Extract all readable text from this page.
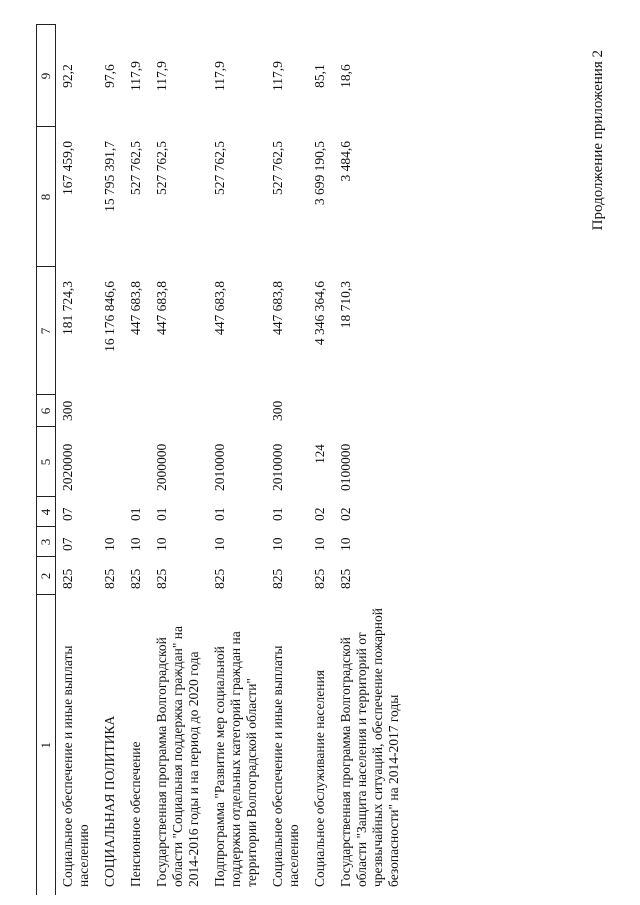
124
Продолжение приложения 2
1	2	3	4	5	6	7	8	9
Социальное обеспечение и иные выплаты населению	825	07	07	2020000	300	181 724,3	167 459,0	92,2
СОЦИАЛЬНАЯ ПОЛИТИКА	825	10				16 176 846,6	15 795 391,7	97,6
Пенсионное обеспечение	825	10	01			447 683,8	527 762,5	117,9
Государственная программа Волгоградской области "Социальная поддержка граждан" на 2014-2016 годы и на период до 2020 года	825	10	01	2000000		447 683,8	527 762,5	117,9
Подпрограмма "Развитие мер социальной поддержки отдельных категорий граждан на территории Волгоградской области"	825	10	01	2010000		447 683,8	527 762,5	117,9
Социальное обеспечение и иные выплаты населению	825	10	01	2010000	300	447 683,8	527 762,5	117,9
Социальное обслуживание населения	825	10	02			4 346 364,6	3 699 190,5	85,1
Государственная программа Волгоградской области "Защита населения и территорий от чрезвычайных ситуаций, обеспечение пожарной безопасности" на 2014-2017 годы	825	10	02	0100000		18 710,3	3 484,6	18,6
